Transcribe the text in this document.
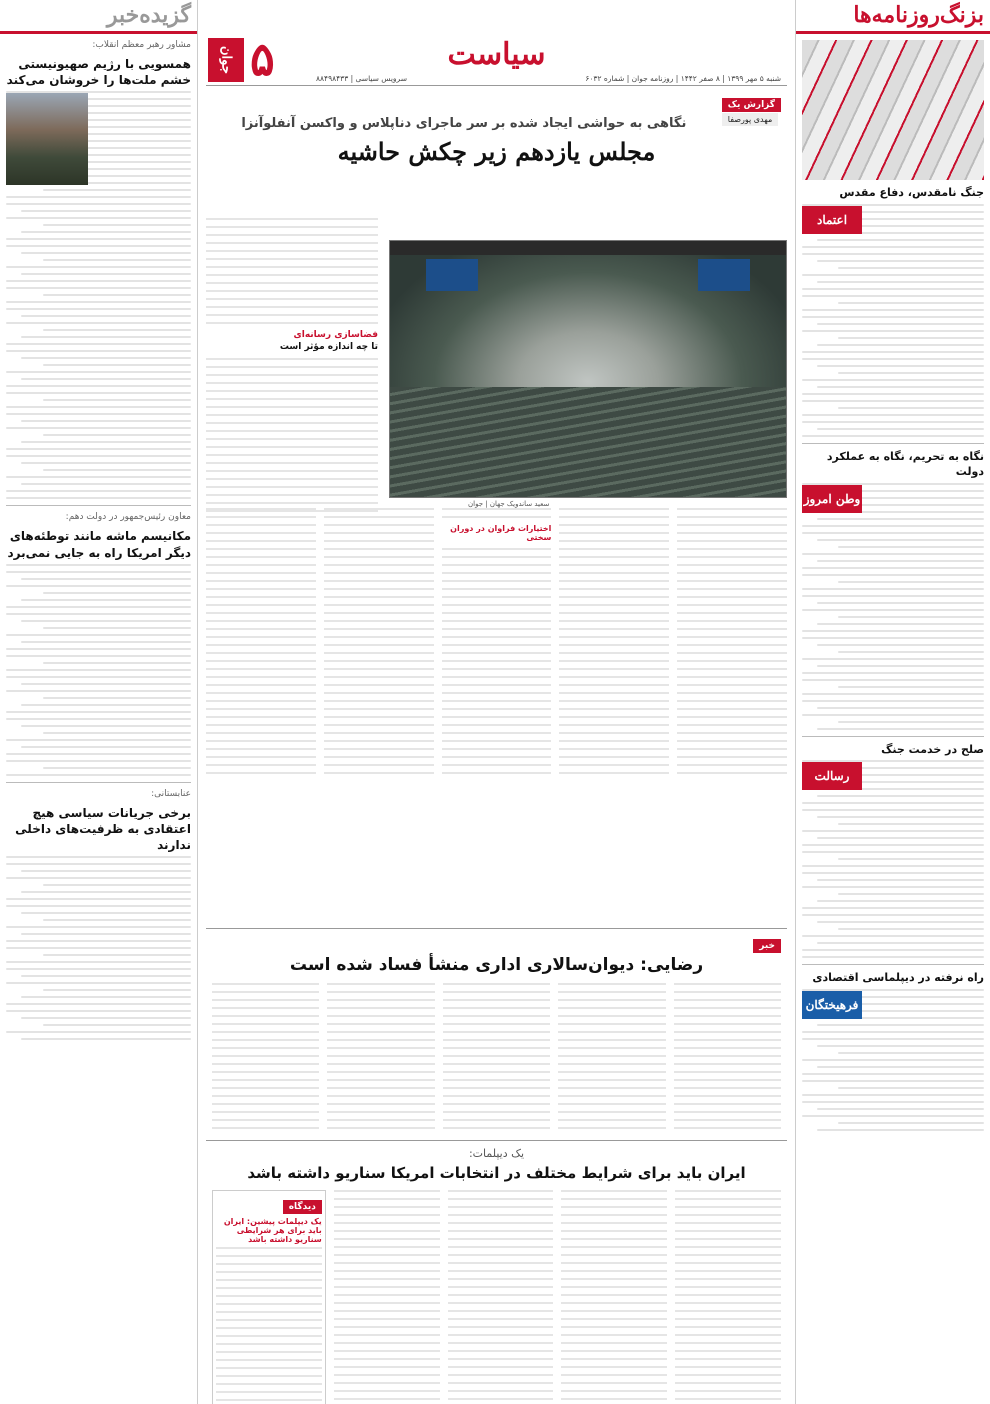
بزنگ‌روزنامه‌ها
جنگ نامقدس، دفاع مقدس
اعتماد
نگاه به تحریم، نگاه به عملکرد دولت
وطن امروز
صلح در خدمت جنگ
رسالت
راه نرفته در دیپلماسی اقتصادی
فرهیختگان
گزیده‌خبر
مشاور رهبر معظم انقلاب:
همسویی با رژیم صهیونیستی خشم ملت‌ها را خروشان می‌کند
معاون رئیس‌جمهور در دولت دهم:
مکانیسم ماشه مانند توطئه‌های دیگر امریکا راه به جایی نمی‌برد
عنابستانی:
برخی جریانات سیاسی هیچ اعتقادی به ظرفیت‌های داخلی ندارند
جوان ۵	سیاست
شنبه ۵ مهر ۱۳۹۹ | ۸ صفر ۱۴۴۲ | روزنامه جوان | شماره ۶۰۳۲
سرویس سیاسی | ۸۸۴۹۸۴۳۳
گزارش یک
مهدی پورصفا
نگاهی به حواشی ایجاد شده بر سر ماجرای دناپلاس و واکسن آنفلوآنزا
مجلس یازدهم زیر چکش حاشیه
سعید ساندویک جهان | جوان
فضاسازی رسانه‌ای
تا چه اندازه مؤثر است
اختیارات فراوان در دوران سختی
خبر
رضایی: دیوان‌سالاری اداری منشأ فساد شده است
یک دیپلمات:
ایران باید برای شرایط مختلف در انتخابات امریکا سناریو داشته باشد
دیدگاه
یک دیپلمات پیشین: ایران باید برای هر شرایطی سناریو داشته باشد
